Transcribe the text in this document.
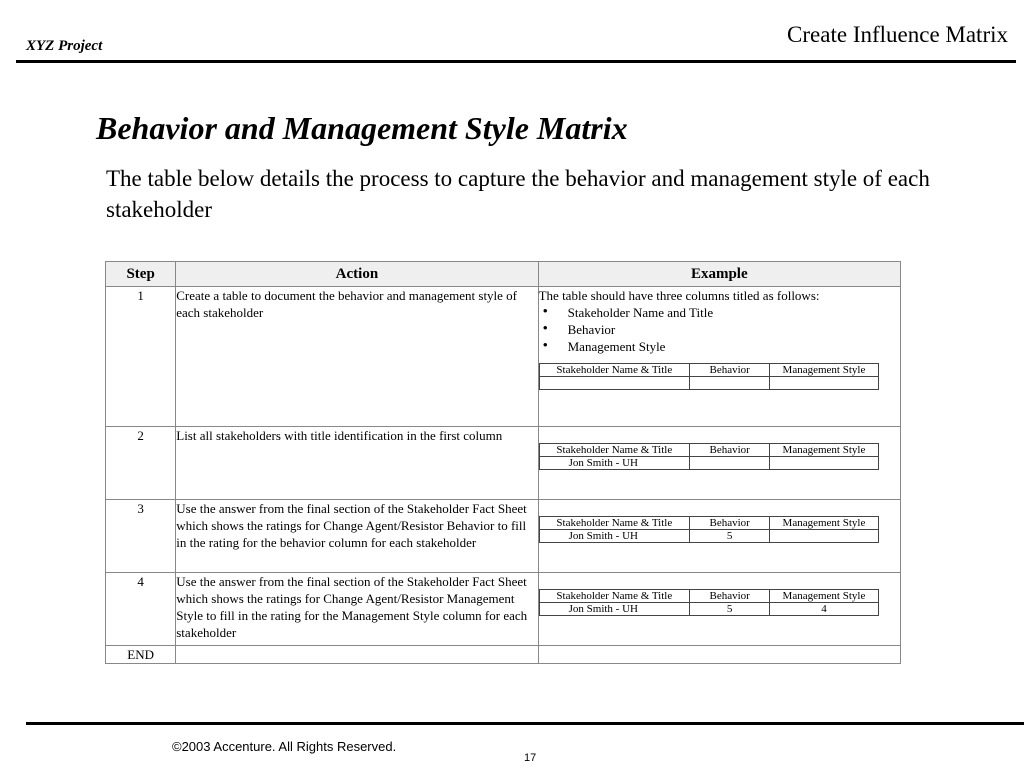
XYZ Project	Create Influence Matrix
Behavior and Management Style Matrix
The table below details the process to capture the behavior and management style of each stakeholder
Step	Action	Example
1	Create a table to document the behavior and management style of each stakeholder	
The table should have three columns titled as follows:
• Stakeholder Name and Title
• Behavior
• Management Style
Stakeholder Name & Title	Behavior	Management Style

2	List all stakeholders with title identification in the first column	
Stakeholder Name & Title	Behavior	Management Style
Jon Smith - UH		

3	Use the answer from the final section of the Stakeholder Fact Sheet which shows the ratings for Change Agent/Resistor Behavior to fill in the rating for the behavior column for each stakeholder	
Stakeholder Name & Title	Behavior	Management Style
Jon Smith - UH	5	

4	Use the answer from the final section of the Stakeholder Fact Sheet which shows the ratings for Change Agent/Resistor Management Style to fill in the rating for the Management Style column for each stakeholder	
Stakeholder Name & Title	Behavior	Management Style
Jon Smith - UH	5	4

END		
©2003 Accenture. All Rights Reserved.
17
